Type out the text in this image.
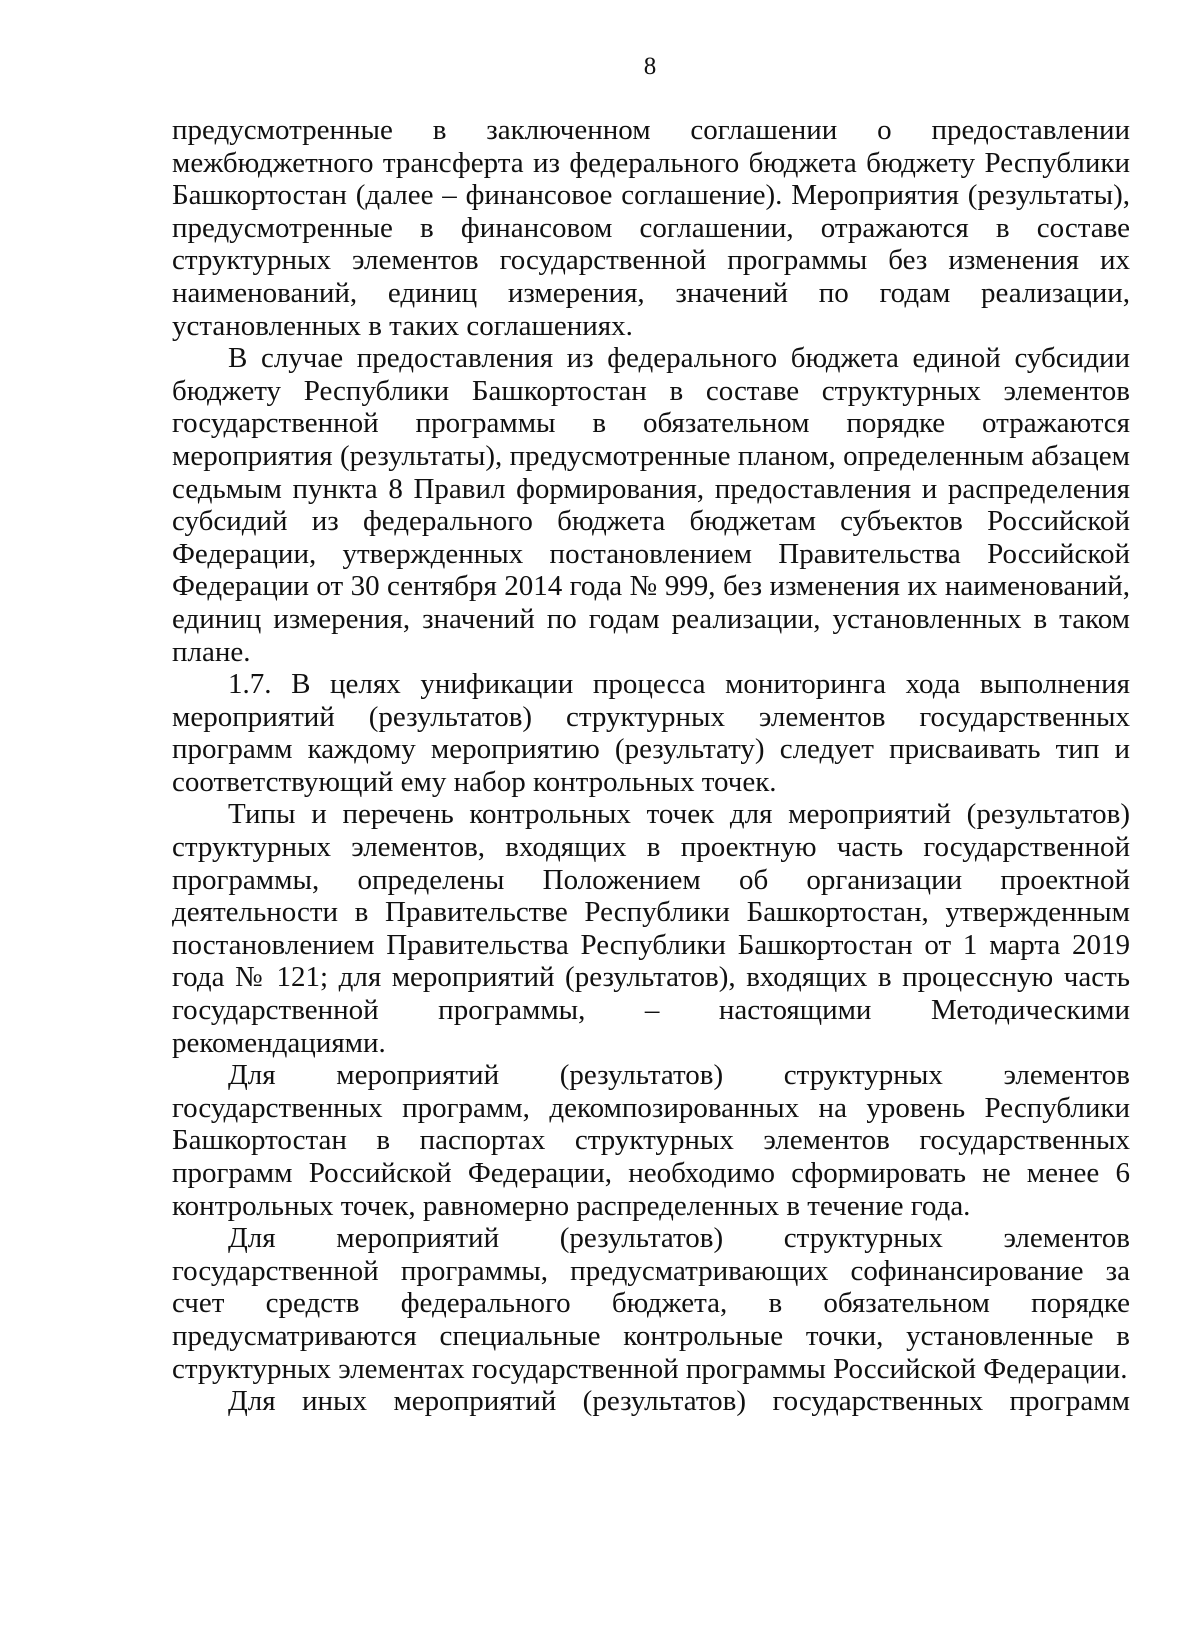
8

предусмотренные в заключенном соглашении о предоставлении межбюджетного трансферта из федерального бюджета бюджету Республики Башкортостан (далее – финансовое соглашение). Мероприятия (результаты), предусмотренные в финансовом соглашении, отражаются в составе структурных элементов государственной программы без изменения их наименований, единиц измерения, значений по годам реализации, установленных в таких соглашениях.

В случае предоставления из федерального бюджета единой субсидии бюджету Республики Башкортостан в составе структурных элементов государственной программы в обязательном порядке отражаются мероприятия (результаты), предусмотренные планом, определенным абзацем седьмым пункта 8 Правил формирования, предоставления и распределения субсидий из федерального бюджета бюджетам субъектов Российской Федерации, утвержденных постановлением Правительства Российской Федерации от 30 сентября 2014 года № 999, без изменения их наименований, единиц измерения, значений по годам реализации, установленных в таком плане.

1.7. В целях унификации процесса мониторинга хода выполнения мероприятий (результатов) структурных элементов государственных программ каждому мероприятию (результату) следует присваивать тип и соответствующий ему набор контрольных точек.

Типы и перечень контрольных точек для мероприятий (результатов) структурных элементов, входящих в проектную часть государственной программы, определены Положением об организации проектной деятельности в Правительстве Республики Башкортостан, утвержденным постановлением Правительства Республики Башкортостан от 1 марта 2019 года № 121; для мероприятий (результатов), входящих в процессную часть государственной программы, – настоящими Методическими рекомендациями.

Для мероприятий (результатов) структурных элементов государственных программ, декомпозированных на уровень Республики Башкортостан в паспортах структурных элементов государственных программ Российской Федерации, необходимо сформировать не менее 6 контрольных точек, равномерно распределенных в течение года.

Для мероприятий (результатов) структурных элементов государственной программы, предусматривающих софинансирование за счет средств федерального бюджета, в обязательном порядке предусматриваются специальные контрольные точки, установленные в структурных элементах государственной программы Российской Федерации.

Для иных мероприятий (результатов) государственных программ
